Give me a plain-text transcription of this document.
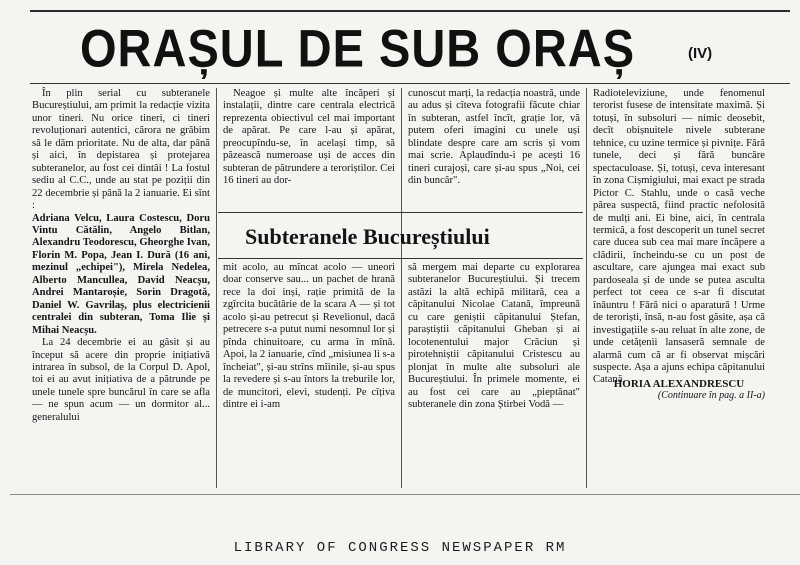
ORAȘUL DE SUB ORAȘ	(IV)

În plin serial cu subteranele Bucureștiului, am primit la redacție vizita unor tineri. Nu orice tineri, ci tineri revoluționari autentici, cărora ne grăbim să le dăm prioritate. Nu de alta, dar până și aici, în depistarea și protejarea subteranelor, au fost cei dintâi ! La fostul sediu al C.C., unde au stat pe poziții din 22 decembrie și până la 2 ianuarie. Ei sînt :

Adriana Velcu, Laura Costescu, Doru Vintu Cătălin, Angelo Bitlan, Alexandru Teodorescu, Gheorghe Ivan, Florin M. Popa, Jean I. Dură (16 ani, mezinul „echipei"), Mirela Nedelea, Alberto Mancullea, David Neacșu, Andrei Mantaroșie, Sorin Dragotă, Daniel W. Gavrilaș, plus electricienii centralei din subteran, Toma Ilie și Mihai Neacșu.

La 24 decembrie ei au găsit și au început să acere din proprie inițiativă intrarea în subsol, de la Corpul D. Apol, toi ei au avut inițiativa de a pătrunde pe unele tunele spre buncărul în care se afla — ne spun acum — un dormitor al... generalului

Neagoe și multe alte încăperi și instalații, dintre care centrala electrică reprezenta obiectivul cel mai important de apărat. Pe care l-au și apărat, preocupîndu-se, în același timp, să păzească numeroase uși de acces din subteran de pătrundere a teroriștilor. Cei 16 tineri au dor-

cunoscut marți, la redacția noastră, unde au adus și cîteva fotografii făcute chiar în subteran, astfel încît, grație lor, vă putem oferi imagini cu unele uși blindate despre care am scris și vom mai scrie. Aplaudîndu-i pe acești 16 tineri curajoși, care și-au spus „Noi, cei din buncăr".

Subteranele Bucureștiului

mit acolo, au mîncat acolo — uneori doar conserve sau... un pachet de hrană rece la doi inși, rație primită de la zgîrcita bucătărie de la scara A — și tot acolo și-au petrecut și Revelionul, dacă petrecere s-a putut numi nesomnul lor și pînda chinuitoare, cu arma în mînă. Apoi, la 2 ianuarie, cînd „misiunea li s-a încheiat", și-au strîns mîinile, și-au spus la revedere și s-au întors la treburile lor, de muncitori, elevi, studenți. Pe cîțiva dintre ei i-am

să mergem mai departe cu explorarea subteranelor Bucureștiului. Și trecem astăzi la altă echipă militară, cea a căpitanului Nicolae Catană, împreună cu care geniștii căpitanului Ștefan, paraștiștii căpitanului Gheban și ai locotenentului major Crăciun și pirotehniștii căpitanului Cristescu au plonjat în multe alte subsoluri ale Bucureștiului. În primele momente, ei au fost cei care au „pieptănat" subteranele din zona Știrbei Vodă —

Radioteleviziune, unde fenomenul terorist fusese de intensitate maximă. Și totuși, în subsoluri — nimic deosebit, decît obișnuitele nivele subterane tehnice, cu uzine termice și pivnițe. Fără tunele, deci și fără buncăre spectaculoase. Și, totuși, ceva interesant în zona Cișmigiului, mai exact pe strada Pictor C. Stahlu, unde o casă veche părea suspectă, fiind practic nefolosită de mulți ani. Ei bine, aici, în centrala termică, a fost descoperit un tunel secret care ducea sub cea mai mare încăpere a clădirii, încheindu-se cu un post de ascultare, care ajungea mai exact sub pardoseala și de unde se putea asculta perfect tot ceea ce s-ar fi discutat înăuntru ! Fără nici o aparatură ! Urme de teroriști, însă, n-au fost găsite, așa că investigațiile s-au reluat în alte zone, de unde cetățenii lansaseră semnale de alarmă cum că ar fi observat mișcări suspecte. Așa a ajuns echipa căpitanului Catană,

HORIA ALEXANDRESCU
(Continuare în pag. a II-a)
LIBRARY OF CONGRESS NEWSPAPER RM
